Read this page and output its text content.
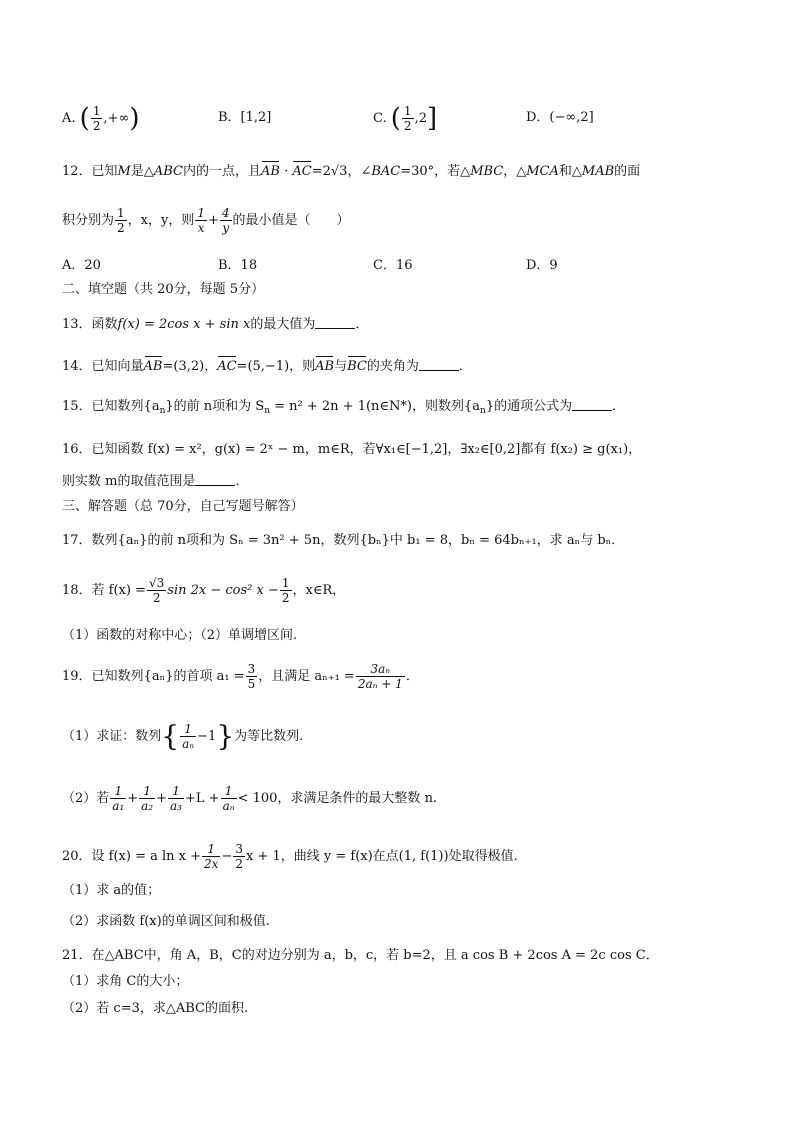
A. ( $\frac{1}{2}$ ,+∞)	B．[1,2]	C. ( $\frac{1}{2} ,2$]	D．(−∞,2]
12．已知M是△ABC内的一点，且AB · AC=2√3，∠BAC=30°，若△MBC，△MCA和△MAB的面
积分别为 $\frac{1}{2}$ ，x，y，则 $\frac{1}{x} + \frac{4}{y}$ 的最小值是（　　）
A．20	B．18	C．16	D．9
二、填空题（共 20分，每题 5分）
13．函数f(x) = 2cos x + sin x的最大值为	．
14．已知向量AB=(3,2)，AC=(5,−1)，则AB与BC的夹角为	．
15．已知数列$\{a_n\}$的前 n项和为 $S_n = n^2 + 2n$ + 1(n∈N*)，则数列$\{a_n\}$的通项公式为	．
16．已知函数 f(x) = x²，g(x) = 2ˣ − m，m∈R，若∀x₁∈[−1,2]，∃x₂∈[0,2]都有 f(x₂) ≥ g(x₁)，
则实数 m的取值范围是	．
三、解答题（总 70分，自己写题号解答）
17．数列{aₙ}的前 n项和为 Sₙ = 3n² + 5n，数列{bₙ}中 b₁ = 8，bₙ = 64bₙ₊₁，求 aₙ与 bₙ．
18．若 $f(x) = \frac{√3}{2}$ sin 2x − cos² $x - \frac{1}{2}$ ，x∈R，
（1）函数的对称中心；（2）单调增区间.
19．已知数列{aₙ}的首项 $a_1 = \frac{3}{5}$ ，且满足 $a_{n+1} = \frac{\text{3aₙ}}{\text{2aₙ + 1}}$ ．
（1）求证：数列{ $\frac{1}{\text{aₙ}} -1$}为等比数列.
（2）若 $\frac{1}{\text{a₁}} + \frac{1}{\text{a₂}} + \frac{1}{\text{a₃}} +L + \frac{1}{\text{aₙ}} < 100$，求满足条件的最大整数 n.
20．设 f(x) = a $\ln x + \frac{1}{2x} - \frac{3}{2}$ x + 1，曲线 y = f(x)在点(1, f(1))处取得极值.
（1）求 a的值；
（2）求函数 f(x)的单调区间和极值.
21．在△ABC中，角 A，B，C的对边分别为 a，b，c，若 b=2，且 a cos B + 2cos A = 2c cos C．
（1）求角 C的大小；
（2）若 c=3，求△ABC的面积.
